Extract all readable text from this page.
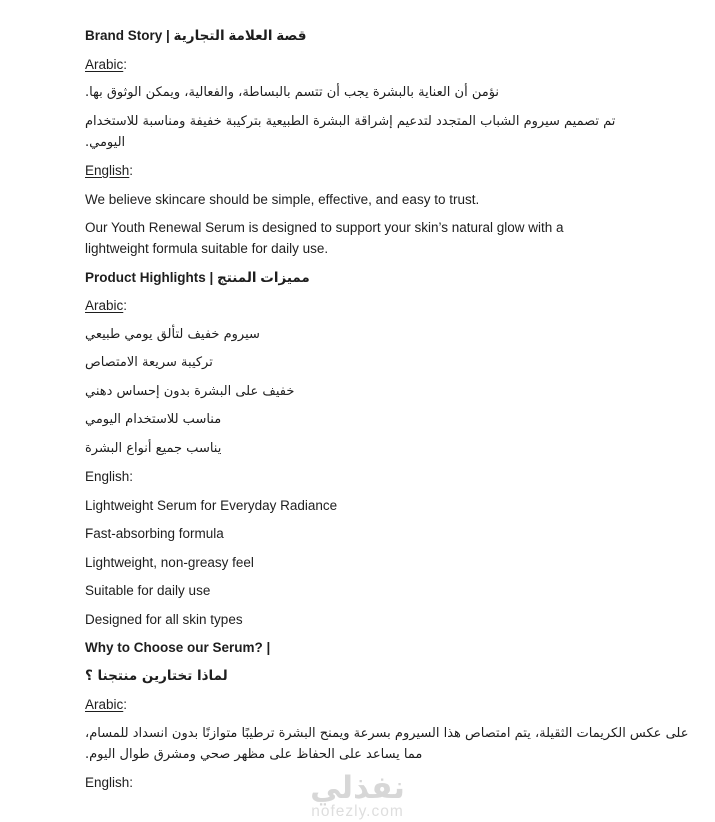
Brand Story | قصة العلامة التجارية

Arabic:

نؤمن أن العناية بالبشرة يجب أن تتسم بالبساطة، والفعالية، ويمكن الوثوق بها.

تم تصميم سيروم الشباب المتجدد لتدعيم إشراقة البشرة الطبيعية بتركيبة خفيفة ومناسبة للاستخدام اليومي.

English:

We believe skincare should be simple, effective, and easy to trust.

Our Youth Renewal Serum is designed to support your skin’s natural glow with a lightweight formula suitable for daily use.

Product Highlights | مميزات المنتج

Arabic:

سيروم خفيف لتألق يومي طبيعي

تركيبة سريعة الامتصاص

خفيف على البشرة بدون إحساس دهني

مناسب للاستخدام اليومي

يناسب جميع أنواع البشرة

English:

Lightweight Serum for Everyday Radiance

Fast-absorbing formula

Lightweight, non-greasy feel

Suitable for daily use

Designed for all skin types

Why to Choose our Serum? |

لماذا تختارين منتجنا ؟

Arabic:

على عكس الكريمات الثقيلة، يتم امتصاص هذا السيروم بسرعة ويمنح البشرة ترطيبًا متوازنًا بدون انسداد للمسام، مما يساعد على الحفاظ على مظهر صحي ومشرق طوال اليوم.

English:	نفذلي
nofezly.com
